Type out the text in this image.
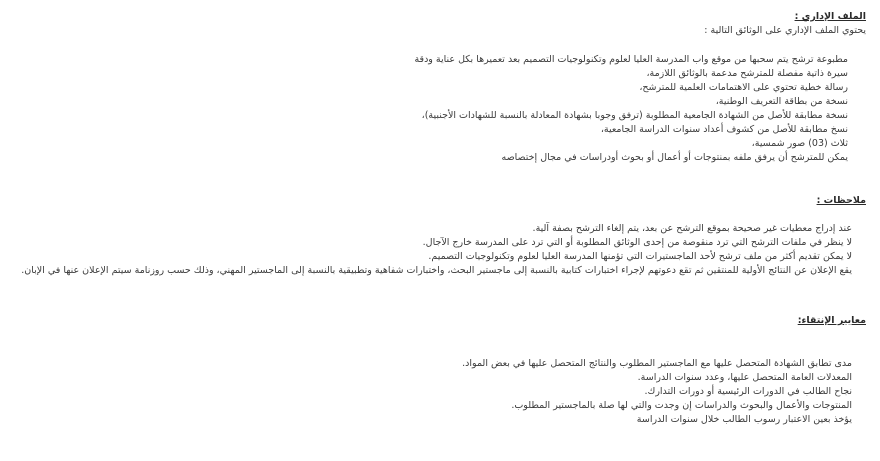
الملف الإداري :

يحتوي الملف الإداري على الوثائق التالية :

مطبوعة ترشح يتم سحبها من موقع واب المدرسة العليا لعلوم وتكنولوجيات التصميم بعد تعميرها بكل عناية ودقة

سيرة ذاتية مفصلة للمترشح مدعمة بالوثائق اللازمة،

رسالة خطية تحتوي على الاهتمامات العلمية للمترشح،

نسخة من بطاقة التعريف الوطنية،

نسخة مطابقة للأصل من الشهادة الجامعية المطلوبة (ترفق وجوبا بشهادة المعادلة بالنسبة للشهادات الأجنبية)،

نسخ مطابقة للأصل من كشوف أعداد سنوات الدراسة الجامعية،

ثلاث (03) صور شمسية،

يمكن للمترشح أن يرفق ملفه بمنتوجات أو أعمال أو بحوث أودراسات في مجال إختصاصه

ملاحظات :

عند إدراج معطيات غير صحيحة بموقع الترشح عن بعد، يتم إلغاء الترشح بصفة آلية.

لا ينظر في ملفات الترشح التي ترد منقوصة من إحدى الوثائق المطلوبة أو التي ترد على المدرسة خارج الآجال.

لا يمكن تقديم أكثر من ملف ترشح لأحد الماجستيرات التي تؤمنها المدرسة العليا لعلوم وتكنولوجيات التصميم.

يقع الإعلان عن النتائج الأولية للمنتقين ثم تقع دعوتهم لإجراء اختبارات كتابية بالنسبة إلى ماجستير البحث، واختبارات شفاهية وتطبيقية بالنسبة إلى الماجستير المهني، وذلك حسب روزنامة سيتم الإعلان عنها في الإبان.

معايير الإنتقاء:

مدى تطابق الشهادة المتحصل عليها مع الماجستير المطلوب والنتائج المتحصل عليها في بعض المواد.

المعدلات العامة المتحصل عليها، وعدد سنوات الدراسة.

نجاح الطالب في الدورات الرئيسية أو دورات التدارك.

المنتوجات والأعمال والبحوث والدراسات إن وجدت والتي لها صلة بالماجستير المطلوب.

يؤخذ بعين الاعتبار رسوب الطالب خلال سنوات الدراسة
